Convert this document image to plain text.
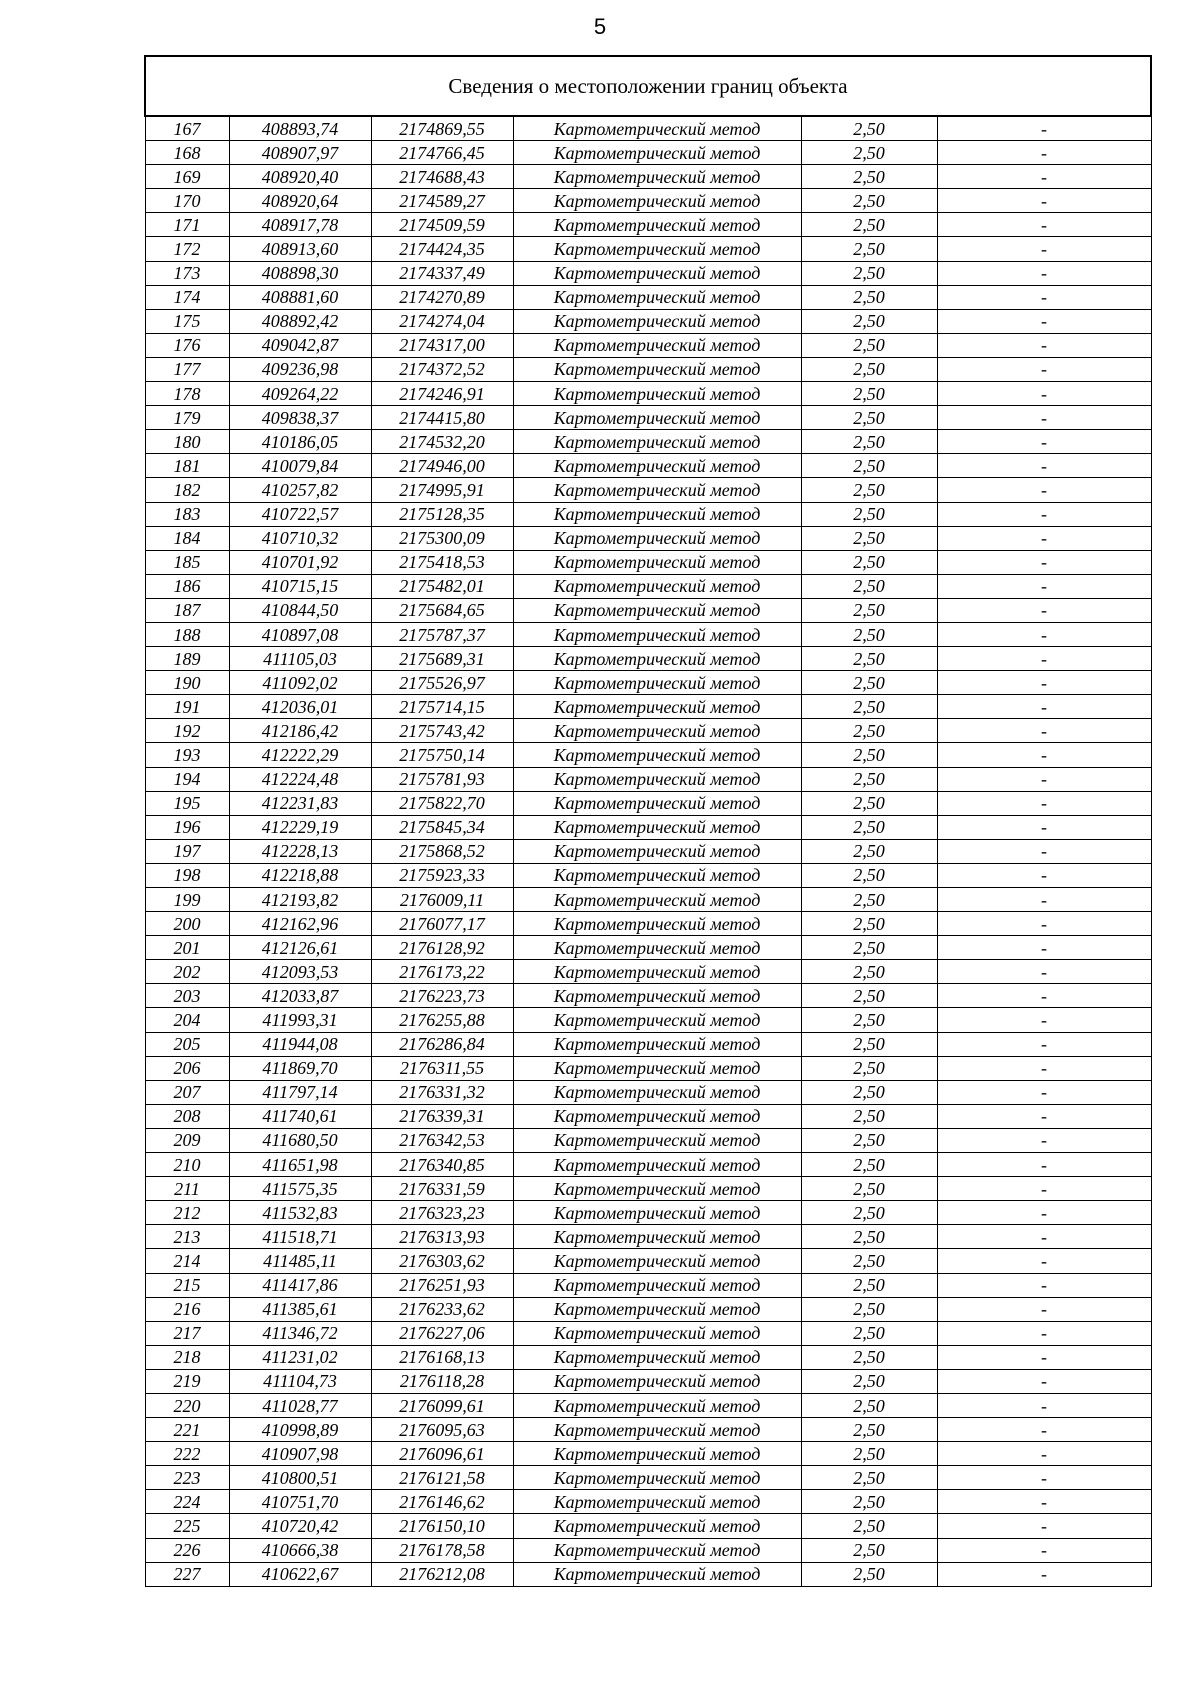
5
Сведения о местоположении границ объекта					
167	408893,74	2174869,55	Картометрический метод	2,50	-
168	408907,97	2174766,45	Картометрический метод	2,50	-
169	408920,40	2174688,43	Картометрический метод	2,50	-
170	408920,64	2174589,27	Картометрический метод	2,50	-
171	408917,78	2174509,59	Картометрический метод	2,50	-
172	408913,60	2174424,35	Картометрический метод	2,50	-
173	408898,30	2174337,49	Картометрический метод	2,50	-
174	408881,60	2174270,89	Картометрический метод	2,50	-
175	408892,42	2174274,04	Картометрический метод	2,50	-
176	409042,87	2174317,00	Картометрический метод	2,50	-
177	409236,98	2174372,52	Картометрический метод	2,50	-
178	409264,22	2174246,91	Картометрический метод	2,50	-
179	409838,37	2174415,80	Картометрический метод	2,50	-
180	410186,05	2174532,20	Картометрический метод	2,50	-
181	410079,84	2174946,00	Картометрический метод	2,50	-
182	410257,82	2174995,91	Картометрический метод	2,50	-
183	410722,57	2175128,35	Картометрический метод	2,50	-
184	410710,32	2175300,09	Картометрический метод	2,50	-
185	410701,92	2175418,53	Картометрический метод	2,50	-
186	410715,15	2175482,01	Картометрический метод	2,50	-
187	410844,50	2175684,65	Картометрический метод	2,50	-
188	410897,08	2175787,37	Картометрический метод	2,50	-
189	411105,03	2175689,31	Картометрический метод	2,50	-
190	411092,02	2175526,97	Картометрический метод	2,50	-
191	412036,01	2175714,15	Картометрический метод	2,50	-
192	412186,42	2175743,42	Картометрический метод	2,50	-
193	412222,29	2175750,14	Картометрический метод	2,50	-
194	412224,48	2175781,93	Картометрический метод	2,50	-
195	412231,83	2175822,70	Картометрический метод	2,50	-
196	412229,19	2175845,34	Картометрический метод	2,50	-
197	412228,13	2175868,52	Картометрический метод	2,50	-
198	412218,88	2175923,33	Картометрический метод	2,50	-
199	412193,82	2176009,11	Картометрический метод	2,50	-
200	412162,96	2176077,17	Картометрический метод	2,50	-
201	412126,61	2176128,92	Картометрический метод	2,50	-
202	412093,53	2176173,22	Картометрический метод	2,50	-
203	412033,87	2176223,73	Картометрический метод	2,50	-
204	411993,31	2176255,88	Картометрический метод	2,50	-
205	411944,08	2176286,84	Картометрический метод	2,50	-
206	411869,70	2176311,55	Картометрический метод	2,50	-
207	411797,14	2176331,32	Картометрический метод	2,50	-
208	411740,61	2176339,31	Картометрический метод	2,50	-
209	411680,50	2176342,53	Картометрический метод	2,50	-
210	411651,98	2176340,85	Картометрический метод	2,50	-
211	411575,35	2176331,59	Картометрический метод	2,50	-
212	411532,83	2176323,23	Картометрический метод	2,50	-
213	411518,71	2176313,93	Картометрический метод	2,50	-
214	411485,11	2176303,62	Картометрический метод	2,50	-
215	411417,86	2176251,93	Картометрический метод	2,50	-
216	411385,61	2176233,62	Картометрический метод	2,50	-
217	411346,72	2176227,06	Картометрический метод	2,50	-
218	411231,02	2176168,13	Картометрический метод	2,50	-
219	411104,73	2176118,28	Картометрический метод	2,50	-
220	411028,77	2176099,61	Картометрический метод	2,50	-
221	410998,89	2176095,63	Картометрический метод	2,50	-
222	410907,98	2176096,61	Картометрический метод	2,50	-
223	410800,51	2176121,58	Картометрический метод	2,50	-
224	410751,70	2176146,62	Картометрический метод	2,50	-
225	410720,42	2176150,10	Картометрический метод	2,50	-
226	410666,38	2176178,58	Картометрический метод	2,50	-
227	410622,67	2176212,08	Картометрический метод	2,50	-
